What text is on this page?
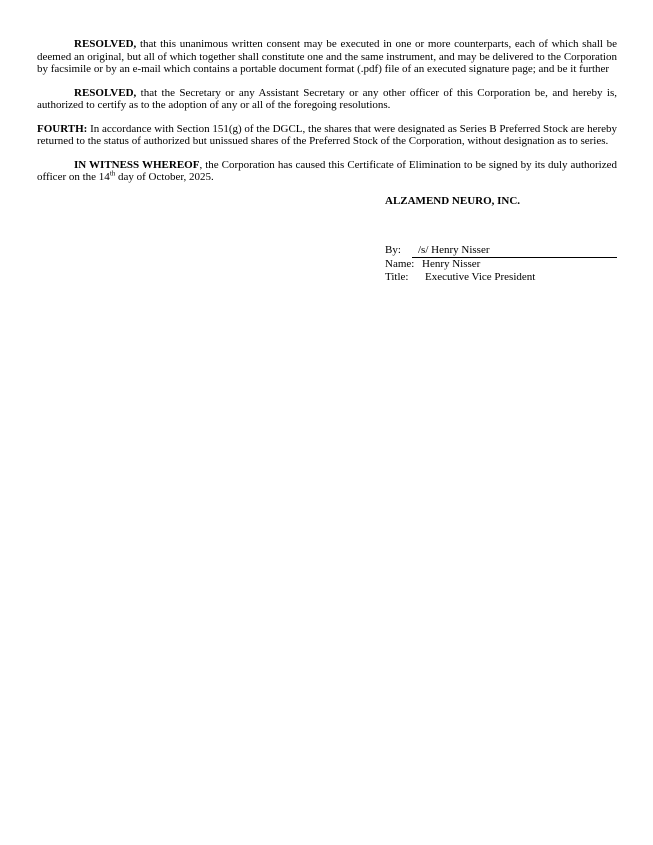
RESOLVED, that this unanimous written consent may be executed in one or more counterparts, each of which shall be deemed an original, but all of which together shall constitute one and the same instrument, and may be delivered to the Corporation by facsimile or by an e-mail which contains a portable document format (.pdf) file of an executed signature page; and be it further

RESOLVED, that the Secretary or any Assistant Secretary or any other officer of this Corporation be, and hereby is, authorized to certify as to the adoption of any or all of the foregoing resolutions.

FOURTH: In accordance with Section 151(g) of the DGCL, the shares that were designated as Series B Preferred Stock are hereby returned to the status of authorized but unissued shares of the Preferred Stock of the Corporation, without designation as to series.

IN WITNESS WHEREOF, the Corporation has caused this Certificate of Elimination to be signed by its duly authorized officer on the 14th day of October, 2025.

ALZAMEND NEURO, INC.
By:	/s/ Henry Nisser
Name: Henry Nisser
Title:	Executive Vice President
